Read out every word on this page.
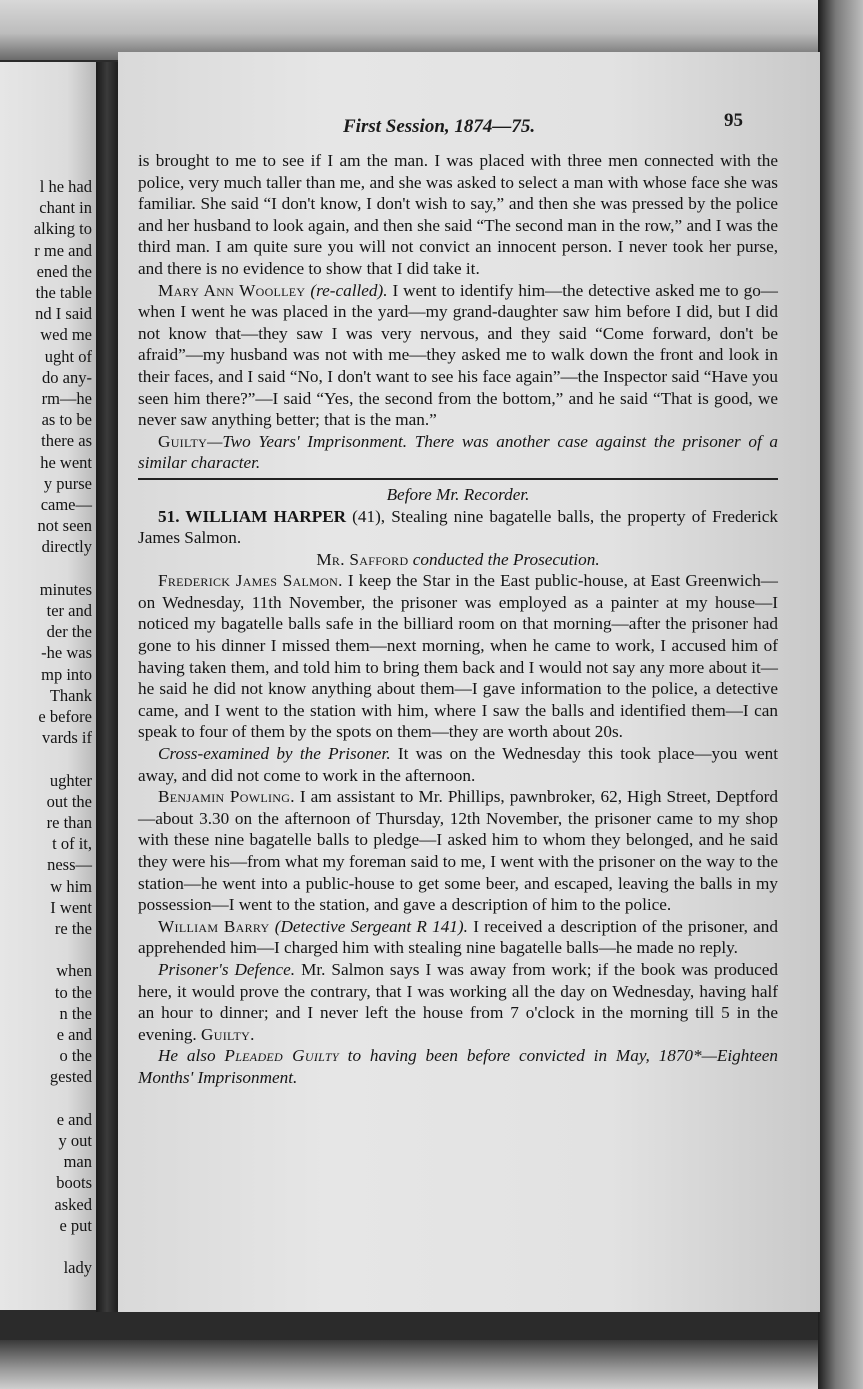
l he had
chant in
alking to
r me and
ened the
the table
nd I said
wed me
ught of
do any-
rm—he
as to be
there as
he went
y purse
came—
not seen
directly
minutes
ter and
der the
-he was
mp into
Thank
e before
vards if
ughter
out the
re than
t of it,
ness—
w him
I went
re the
when
to the
n the
e and
o the
gested
e and
y out
man
boots
asked
e put
lady
First Session, 1874—75.	95

is brought to me to see if I am the man. I was placed with three men connected with the police, very much taller than me, and she was asked to select a man with whose face she was familiar. She said “I don't know, I don't wish to say,” and then she was pressed by the police and her husband to look again, and then she said “The second man in the row,” and I was the third man. I am quite sure you will not convict an innocent person. I never took her purse, and there is no evidence to show that I did take it.

Mary Ann Woolley (re-called). I went to identify him—the detective asked me to go—when I went he was placed in the yard—my grand-daughter saw him before I did, but I did not know that—they saw I was very nervous, and they said “Come forward, don't be afraid”—my husband was not with me—they asked me to walk down the front and look in their faces, and I said “No, I don't want to see his face again”—the Inspector said “Have you seen him there?”—I said “Yes, the second from the bottom,” and he said “That is good, we never saw anything better; that is the man.”

Guilty—Two Years' Imprisonment. There was another case against the prisoner of a similar character.

Before Mr. Recorder.

51. WILLIAM HARPER (41), Stealing nine bagatelle balls, the property of Frederick James Salmon.

Mr. Safford conducted the Prosecution.

Frederick James Salmon. I keep the Star in the East public-house, at East Greenwich—on Wednesday, 11th November, the prisoner was employed as a painter at my house—I noticed my bagatelle balls safe in the billiard room on that morning—after the prisoner had gone to his dinner I missed them—next morning, when he came to work, I accused him of having taken them, and told him to bring them back and I would not say any more about it—he said he did not know anything about them—I gave information to the police, a detective came, and I went to the station with him, where I saw the balls and identified them—I can speak to four of them by the spots on them—they are worth about 20s.

Cross-examined by the Prisoner. It was on the Wednesday this took place—you went away, and did not come to work in the afternoon.

Benjamin Powling. I am assistant to Mr. Phillips, pawnbroker, 62, High Street, Deptford—about 3.30 on the afternoon of Thursday, 12th November, the prisoner came to my shop with these nine bagatelle balls to pledge—I asked him to whom they belonged, and he said they were his—from what my foreman said to me, I went with the prisoner on the way to the station—he went into a public-house to get some beer, and escaped, leaving the balls in my possession—I went to the station, and gave a description of him to the police.

William Barry (Detective Sergeant R 141). I received a description of the prisoner, and apprehended him—I charged him with stealing nine bagatelle balls—he made no reply.

Prisoner's Defence. Mr. Salmon says I was away from work; if the book was produced here, it would prove the contrary, that I was working all the day on Wednesday, having half an hour to dinner; and I never left the house from 7 o'clock in the morning till 5 in the evening. Guilty.

He also Pleaded Guilty to having been before convicted in May, 1870*—Eighteen Months' Imprisonment.
